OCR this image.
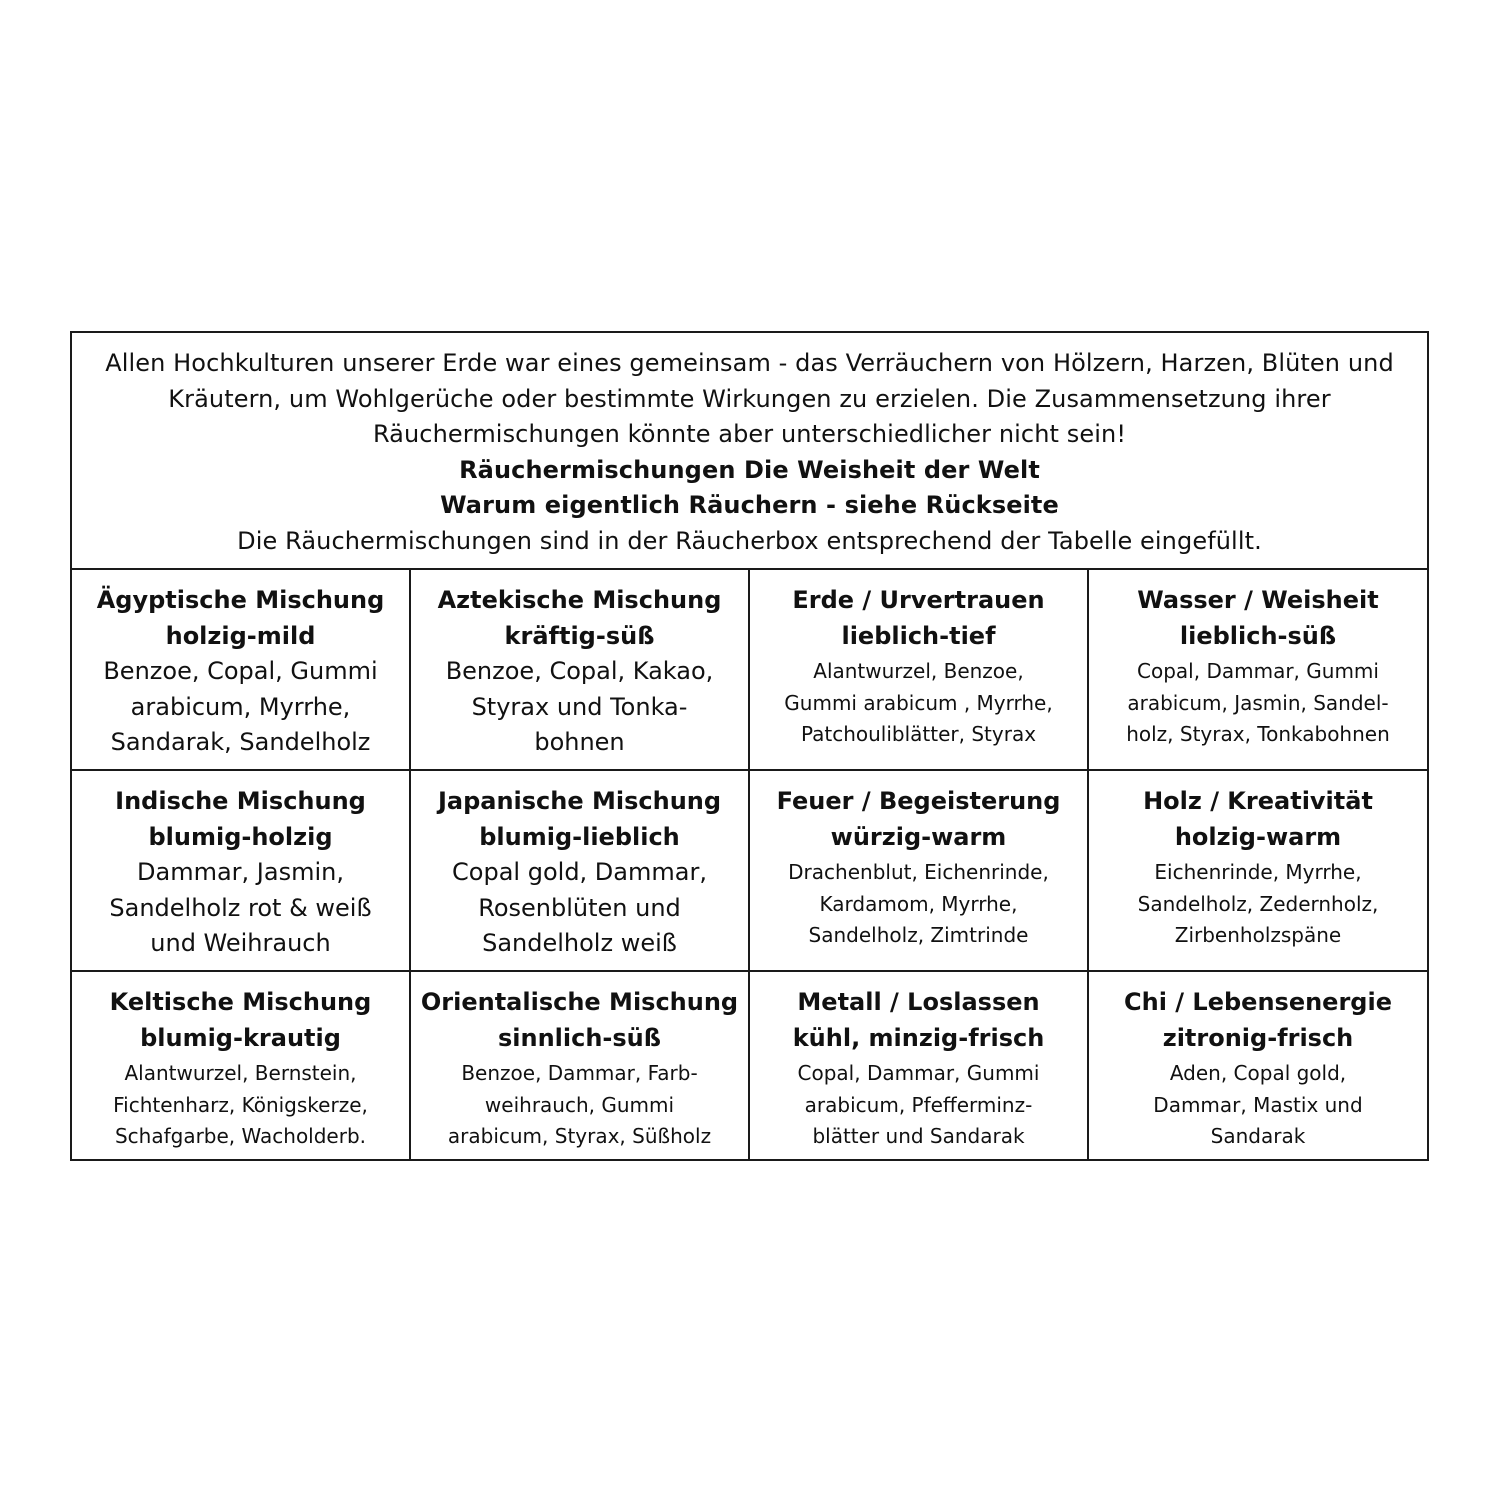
Allen Hochkulturen unserer Erde war eines gemeinsam - das Verräuchern von Hölzern, Harzen, Blüten und
Kräutern, um Wohlgerüche oder bestimmte Wirkungen zu erzielen. Die Zusammensetzung ihrer
Räuchermischungen könnte aber unterschiedlicher nicht sein!
Räuchermischungen Die Weisheit der Welt
Warum eigentlich Räuchern - siehe Rückseite
Die Räuchermischungen sind in der Räucherbox entsprechend der Tabelle eingefüllt.
Ägyptische Mischung
holzig-mild
Benzoe, Copal, Gummi
arabicum, Myrrhe,
Sandarak, Sandelholz
Aztekische Mischung
kräftig-süß
Benzoe, Copal, Kakao,
Styrax und Tonka-
bohnen
Erde / Urvertrauen
lieblich-tief
Alantwurzel, Benzoe,
Gummi arabicum , Myrrhe,
Patchouliblätter, Styrax
Wasser / Weisheit
lieblich-süß
Copal, Dammar, Gummi
arabicum, Jasmin, Sandel-
holz, Styrax, Tonkabohnen
Indische Mischung
blumig-holzig
Dammar, Jasmin,
Sandelholz rot & weiß
und Weihrauch
Japanische Mischung
blumig-lieblich
Copal gold, Dammar,
Rosenblüten und
Sandelholz weiß
Feuer / Begeisterung
würzig-warm
Drachenblut, Eichenrinde,
Kardamom, Myrrhe,
Sandelholz, Zimtrinde
Holz / Kreativität
holzig-warm
Eichenrinde, Myrrhe,
Sandelholz, Zedernholz,
Zirbenholzspäne
Keltische Mischung
blumig-krautig
Alantwurzel, Bernstein,
Fichtenharz, Königskerze,
Schafgarbe, Wacholderb.
Orientalische Mischung
sinnlich-süß
Benzoe, Dammar, Farb-
weihrauch, Gummi
arabicum, Styrax, Süßholz
Metall / Loslassen
kühl, minzig-frisch
Copal, Dammar, Gummi
arabicum, Pfefferminz-
blätter und Sandarak
Chi / Lebensenergie
zitronig-frisch
Aden, Copal gold,
Dammar, Mastix und
Sandarak
